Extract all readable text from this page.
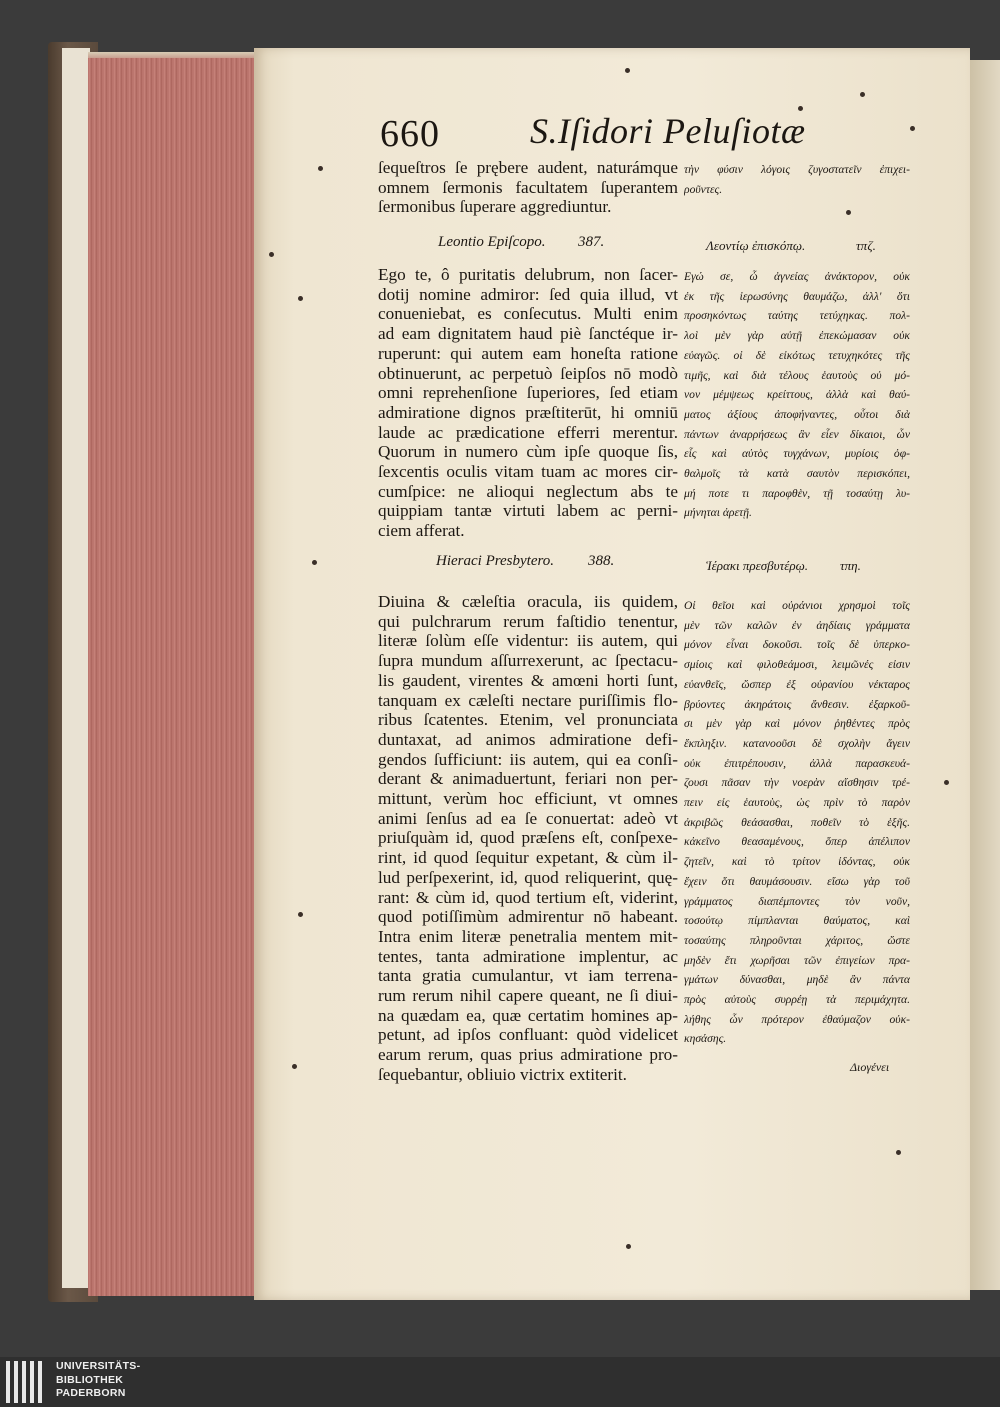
660	S.Iſidori Peluſiotæ
ſequeſtros ſe prębere audent, naturámque
omnem ſermonis facultatem ſuperantem
ſermonibus ſuperare aggrediuntur.
τὴν φύσιν λόγοις ζυγοστατεῖν ἐπιχει-
ρoῦντες.
Leontio Epiſcopo. 387.	Λεοντίῳ ἐπισκόπῳ.	τπζ.
Ego te, ô puritatis delubrum, non ſacer-
dotij nomine admiror: ſed quia illud, vt
conueniebat, es conſecutus. Multi enim
ad eam dignitatem haud piè ſanctéque ir-
ruperunt: qui autem eam honeſta ratione
obtinuerunt, ac perpetuò ſeipſos nō modò
omni reprehenſione ſuperiores, ſed etiam
admiratione dignos præſtiterūt, hi omniū
laude ac prædicatione efferri merentur.
Quorum in numero cùm ipſe quoque ſis,
ſexcentis oculis vitam tuam ac mores cir-
cumſpice: ne alioqui neglectum abs te
quippiam tantæ virtuti labem ac perni-
ciem afferat.
Εγώ σε, ὦ ἁγνείας ἀνάκτορον, οὐκ
ἐκ τῆς ἱερωσύνης θαυμάζω, ἀλλ' ὅτι
προσηκόντως ταύτης τετύχηκας. πολ-
λοὶ μὲν γὰρ αὐτῇ ἐπεκώμασαν οὐκ
εὐαγῶς. οἱ δὲ εἰκότως τετυχηκότες τῆς
τιμῆς, καὶ διὰ τέλους ἑαυτοὺς οὐ μό-
νον μέμψεως κρείττους, ἀλλὰ καὶ θαύ-
ματος ἀξίους ἀποφήναντες, οὗτοι διὰ
πάντων ἀναρρήσεως ἂν εἶεν δίκαιοι, ὧν
εἷς καὶ αὐτὸς τυγχάνων, μυρίοις ὀφ-
θαλμοῖς τὰ κατὰ σαυτὸν περισκόπει,
μή ποτε τι παροφθὲν, τῇ τοσαύτῃ λυ-
μήνηται ἀρετῇ.
Hieraci Presbytero. 388.	Ἱέρακι πρεσβυτέρῳ. τπη.
Diuina & cæleſtia oracula, iis quidem,
qui pulchrarum rerum faſtidio tenentur,
literæ ſolùm eſſe videntur: iis autem, qui
ſupra mundum aſſurrexerunt, ac ſpectacu-
lis gaudent, virentes & amœni horti ſunt,
tanquam ex cæleſti nectare puriſſimis flo-
ribus ſcatentes. Etenim, vel pronunciata
duntaxat, ad animos admiratione defi-
gendos ſufficiunt: iis autem, qui ea conſi-
derant & animaduertunt, feriari non per-
mittunt, verùm hoc efficiunt, vt omnes
animi ſenſus ad ea ſe conuertat: adeò vt
priuſquàm id, quod præſens eſt, conſpexe-
rint, id quod ſequitur expetant, & cùm il-
lud perſpexerint, id, quod reliquerint, quę-
rant: & cùm id, quod tertium eſt, viderint,
quod potiſſimùm admirentur nō habeant.
Intra enim literæ penetralia mentem mit-
tentes, tanta admiratione implentur, ac
tanta gratia cumulantur, vt iam terrena-
rum rerum nihil capere queant, ne ſi diui-
na quædam ea, quæ certatim homines ap-
petunt, ad ipſos confluant: quòd videlicet
earum rerum, quas prius admiratione pro-
ſequebantur, obliuio victrix extiterit.
Οἱ θεῖοι καὶ οὐράνιοι χρησμοὶ τοῖς
μὲν τῶν καλῶν ἐν ἀηδίαις γράμματα
μόνον εἶναι δοκοῦσι. τοῖς δὲ ὑπερκο-
σμίοις καὶ φιλοθεάμοσι, λειμῶνές εἰσιν
εὐανθεῖς, ὥσπερ ἐξ οὐρανίου νέκταρος
βρύοντες ἀκηράτοις ἄνθεσιν. ἐξαρκοῦ-
σι μὲν γὰρ καὶ μόνον ῥηθέντες πρὸς
ἔκπληξιν. κατανοοῦσι δὲ σχολὴν ἄγειν
οὐκ ἐπιτρέπουσιν, ἀλλὰ παρασκευά-
ζουσι πᾶσαν τὴν νοερὰν αἴσθησιν τρέ-
πειν εἰς ἑαυτοὺς, ὡς πρὶν τὸ παρὸν
ἀκριβῶς θεάσασθαι, ποθεῖν τὸ ἑξῆς.
κἀκεῖνο θεασαμένους, ὅπερ ἀπέλιπον
ζητεῖν, καὶ τὸ τρίτον ἰδόντας, οὐκ
ἔχειν ὅτι θαυμάσουσιν. εἴσω γὰρ τοῦ
γράμματος διαπέμποντες τὸν νοῦν,
τοσούτῳ πίμπλανται θαύματος, καὶ
τοσαύτης πληροῦνται χάριτος, ὥστε
μηδὲν ἔτι χωρῆσαι τῶν ἐπιγείων πρα-
γμάτων δύνασθαι, μηδὲ ἂν πάντα
πρὸς αὐτοὺς συρρέῃ τὰ περιμάχητα.
λήθης ὧν πρότερον ἐθαύμαζον οὐκ-
κησάσης.
Διογένει
UNIVERSITÄTS-
BIBLIOTHEK
PADERBORN
